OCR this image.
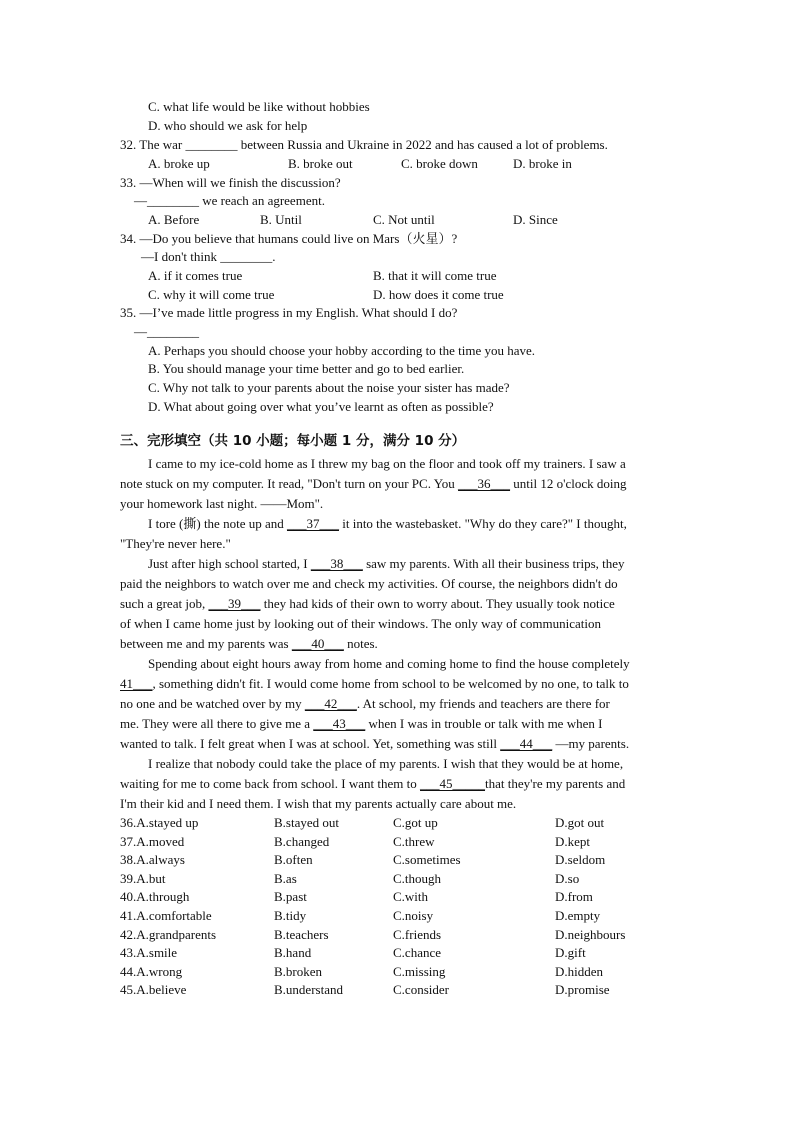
C. what life would be like without hobbies
D. who should we ask for help
32. The war ________ between Russia and Ukraine in 2022 and has caused a lot of problems.
A. broke up	B. broke out	C. broke down	D. broke in
33. —When will we finish the discussion?
—________ we reach an agreement.
A. Before	B. Until	C. Not until	D. Since
34. —Do you believe that humans could live on Mars（火星）?
—I don't think ________.
A. if it comes true	B. that it will come true
C. why it will come true	D. how does it come true
35. —I’ve made little progress in my English. What should I do?
—________
A. Perhaps you should choose your hobby according to the time you have.
B. You should manage your time better and go to bed earlier.
C. Why not talk to your parents about the noise your sister has made?
D. What about going over what you’ve learnt as often as possible?
三、完形填空（共 10 小题；每小题 1 分，满分 10 分）
I came to my ice-cold home as I threw my bag on the floor and took off my trainers. I saw a
note stuck on my computer. It read, "Don't turn on your PC. You ___36___ until 12 o'clock doing
your homework last night. ——Mom".
I tore (撕) the note up and ___37___ it into the wastebasket. "Why do they care?" I thought,
"They're never here."
Just after high school started, I ___38___ saw my parents. With all their business trips, they
paid the neighbors to watch over me and check my activities. Of course, the neighbors didn't do
such a great job, ___39___ they had kids of their own to worry about. They usually took notice
of when I came home just by looking out of their windows. The only way of communication
between me and my parents was ___40___ notes.
Spending about eight hours away from home and coming home to find the house completely
41___, something didn't fit. I would come home from school to be welcomed by no one, to talk to
no one and be watched over by my ___42___. At school, my friends and teachers are there for
me. They were all there to give me a ___43___ when I was in trouble or talk with me when I
wanted to talk. I felt great when I was at school. Yet, something was still ___44___ —my parents.
I realize that nobody could take the place of my parents. I wish that they would be at home,
waiting for me to come back from school. I want them to ___45_____that they're my parents and
I'm their kid and I need them. I wish that my parents actually care about me.
36.A.stayed up	B.stayed out	C.got up	D.got out
37.A.moved	B.changed	C.threw	D.kept
38.A.always	B.often	C.sometimes	D.seldom
39.A.but	B.as	C.though	D.so
40.A.through	B.past	C.with	D.from
41.A.comfortable	B.tidy	C.noisy	D.empty
42.A.grandparents	B.teachers	C.friends	D.neighbours
43.A.smile	B.hand	C.chance	D.gift
44.A.wrong	B.broken	C.missing	D.hidden
45.A.believe	B.understand	C.consider	D.promise
